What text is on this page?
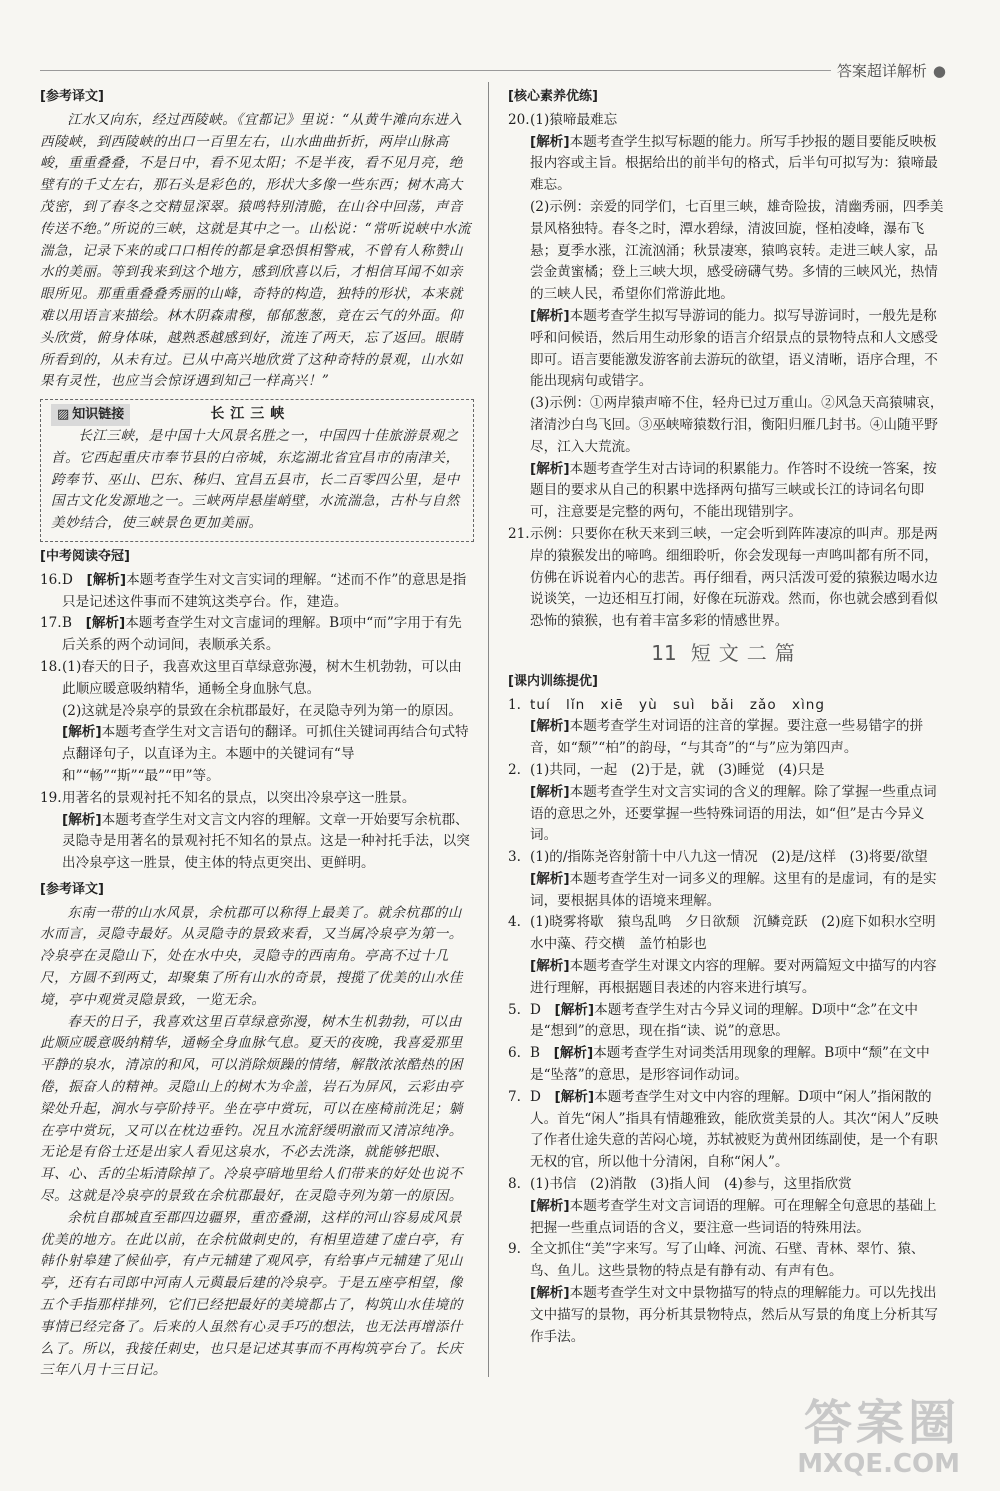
答案超详解析 ●
[ 参考译文 ]

江水又向东，经过西陵峡。《宜都记》里说：“从黄牛滩向东进入西陵峡，到西陵峡的出口一百里左右，山水曲曲折折，两岸山脉高峻，重重叠叠，不是日中，看不见太阳；不是半夜，看不见月亮，绝壁有的千丈左右，那石头是彩色的，形状大多像一些东西；树木高大茂密，到了春冬之交精显深翠。猿鸣特别清脆，在山谷中回荡，声音传送不绝。”所说的三峡，这就是其中之一。山松说：“常听说峡中水流湍急，记录下来的或口口相传的都是拿恐惧相警戒，不曾有人称赞山水的美丽。等到我来到这个地方，感到欣喜以后，才相信耳闻不如亲眼所见。那重重叠叠秀丽的山峰，奇特的构造，独特的形状，本来就难以用语言来描绘。林木阴森肃穆，郁郁葱葱，竟在云气的外面。仰头欣赏，俯身体味，越熟悉越感到好，流连了两天，忘了返回。眼睛所看到的，从未有过。已从中高兴地欣赏了这种奇特的景观，山水如果有灵性，也应当会惊讶遇到知己一样高兴！”

▨ 知识链接	长江三峡

长江三峡，是中国十大风景名胜之一，中国四十佳旅游景观之首。它西起重庆市奉节县的白帝城，东迄湖北省宜昌市的南津关，跨奉节、巫山、巴东、秭归、宜昌五县市，长二百零四公里，是中国古文化发源地之一。三峡两岸悬崖峭壁，水流湍急，古朴与自然美妙结合，使三峡景色更加美丽。

[ 中考阅读夺冠 ]
16. D　 [ 解析 ] 本题考查学生对文言实词的理解。“述而不作”的意思是指只是记述这件事而不建筑这类亭台。作，建造。

17. B　 [ 解析 ] 本题考查学生对文言虚词的理解。B项中“而”字用于有先后关系的两个动词间，表顺承关系。

18. (1)春天的日子，我喜欢这里百草绿意弥漫，树木生机勃勃，可以由此顺应暖意吸纳精华，通畅全身血脉气息。

(2)这就是冷泉亭的景致在余杭郡最好，在灵隐寺列为第一的原因。

[ 解析 ] 本题考查学生对文言语句的翻译。可抓住关键词再结合句式特点翻译句子，以直译为主。本题中的关键词有“导和”“畅”“斯”“最”“甲”等。

19. 用著名的景观衬托不知名的景点，以突出冷泉亭这一胜景。

[ 解析 ] 本题考查学生对文言文内容的理解。文章一开始要写余杭郡、灵隐寺是用著名的景观衬托不知名的景点。这是一种衬托手法，以突出冷泉亭这一胜景，使主体的特点更突出、更鲜明。

[ 参考译文 ]

东南一带的山水风景，余杭郡可以称得上最美了。就余杭郡的山水而言，灵隐寺最好。从灵隐寺的景致来看，又当属冷泉亭为第一。冷泉亭在灵隐山下，处在水中央，灵隐寺的西南角。亭高不过十几尺，方圆不到两丈，却聚集了所有山水的奇景，搜揽了优美的山水佳境，亭中观赏灵隐景致，一览无余。

春天的日子，我喜欢这里百草绿意弥漫，树木生机勃勃，可以由此顺应暖意吸纳精华，通畅全身血脉气息。夏天的夜晚，我喜爱那里平静的泉水，清凉的和风，可以消除烦躁的情绪，解散浓浓酷热的困倦，振奋人的精神。灵隐山上的树木为伞盖，岩石为屏风，云彩由亭梁处升起，涧水与亭阶持平。坐在亭中赏玩，可以在座椅前洗足；躺在亭中赏玩，又可以在枕边垂钓。况且水流舒缓明澈而又清凉纯净。无论是有俗士还是出家人看见这泉水，不必去洗涤，就能够把眼、耳、心、舌的尘垢清除掉了。冷泉亭暗地里给人们带来的好处也说不尽。这就是冷泉亭的景致在余杭郡最好，在灵隐寺列为第一的原因。

余杭自郡城直至郡四边疆界，重峦叠湖，这样的河山容易成风景优美的地方。在此以前，在余杭做刺史的，有相里造建了虚白亭，有韩仆射皋建了候仙亭，有卢元辅建了观风亭，有给事卢元辅建了见山亭，还有右司郎中河南人元藇最后建的冷泉亭。于是五座亭相望，像五个手指那样排列，它们已经把最好的美境都占了，构筑山水佳境的事情已经完备了。后来的人虽然有心灵手巧的想法，也无法再增添什么了。所以，我接任刺史，也只是记述其事而不再构筑亭台了。长庆三年八月十三日记。

[ 核心素养优练 ]
20. (1)猿啼最难忘

[ 解析 ] 本题考查学生拟写标题的能力。所写手抄报的题目要能反映板报内容或主旨。根据给出的前半句的格式，后半句可拟写为：猿啼最难忘。

(2)示例：亲爱的同学们，七百里三峡，雄奇险拔，清幽秀丽，四季美景风格独特。春冬之时，潭水碧绿，清波回旋，怪柏凌峰，瀑布飞悬；夏季水涨，江流汹涌；秋景凄寒，猿鸣哀转。走进三峡人家，品尝金黄蜜橘；登上三峡大坝，感受磅礴气势。多情的三峡风光，热情的三峡人民，希望你们常游此地。

[ 解析 ] 本题考查学生拟写导游词的能力。拟写导游词时，一般先是称呼和问候语，然后用生动形象的语言介绍景点的景物特点和人文感受即可。语言要能激发游客前去游玩的欲望，语义清晰，语序合理，不能出现病句或错字。

(3)示例：①两岸猿声啼不住，轻舟已过万重山。②风急天高猿啸哀，渚清沙白鸟飞回。③巫峡啼猿数行泪，衡阳归雁几封书。④山随平野尽，江入大荒流。

[ 解析 ] 本题考查学生对古诗词的积累能力。作答时不设统一答案，按题目的要求从自己的积累中选择两句描写三峡或长江的诗词名句即可，注意要是完整的两句，不能出现错别字。

21. 示例：只要你在秋天来到三峡，一定会听到阵阵凄凉的叫声。那是两岸的猿猴发出的啼鸣。细细聆听，你会发现每一声鸣叫都有所不同，仿佛在诉说着内心的悲苦。再仔细看，两只活泼可爱的猿猴边喝水边说谈笑，一边还相互打闹，好像在玩游戏。然而，你也就会感到看似恐怖的猿猴，也有着丰富多彩的情感世界。

11 短文二篇
[ 课内训练提优 ]
1. tuí lǐn xiē yù suì bǎi zǎo xìng

[ 解析 ] 本题考查学生对词语的注音的掌握。要注意一些易错字的拼音，如“颓”“柏”的韵母，“与其奇”的“与”应为第四声。

2. (1)共同，一起　(2)于是，就　(3)睡觉　(4)只是

[ 解析 ] 本题考查学生对文言实词的含义的理解。除了掌握一些重点词语的意思之外，还要掌握一些特殊词语的用法，如“但”是古今异义词。

3. (1)的/指陈尧咨射箭十中八九这一情况　(2)是/这样　(3)将要/欲望

[ 解析 ] 本题考查学生对一词多义的理解。这里有的是虚词，有的是实词，要根据具体的语境来理解。

4. (1)晓雾将歇　猿鸟乱鸣　夕日欲颓　沉鳞竞跃　(2)庭下如积水空明　水中藻、荇交横　盖竹柏影也

[ 解析 ] 本题考查学生对课文内容的理解。要对两篇短文中描写的内容进行理解，再根据题目表述的内容来进行填写。

5. D　 [ 解析 ] 本题考查学生对古今异义词的理解。D项中“念”在文中是“想到”的意思，现在指“读、说”的意思。

6. B　 [ 解析 ] 本题考查学生对词类活用现象的理解。B项中“颓”在文中是“坠落”的意思，是形容词作动词。

7. D　 [ 解析 ] 本题考查学生对文中内容的理解。D项中“闲人”指闲散的人。首先“闲人”指具有情趣雅致，能欣赏美景的人。其次“闲人”反映了作者仕途失意的苦闷心境，苏轼被贬为黄州团练副使，是一个有职无权的官，所以他十分清闲，自称“闲人”。

8. (1)书信　(2)消散　(3)指人间　(4)参与，这里指欣赏

[ 解析 ] 本题考查学生对文言词语的理解。可在理解全句意思的基础上把握一些重点词语的含义，要注意一些词语的特殊用法。

9. 全文抓住“美”字来写。写了山峰、河流、石壁、青林、翠竹、猿、鸟、鱼儿。这些景物的特点是有静有动、有声有色。

[ 解析 ] 本题考查学生对文中景物描写的特点的理解能力。可以先找出文中描写的景物，再分析其景物特点，然后从写景的角度上分析其写作手法。

答案圈
MXQE.COM
